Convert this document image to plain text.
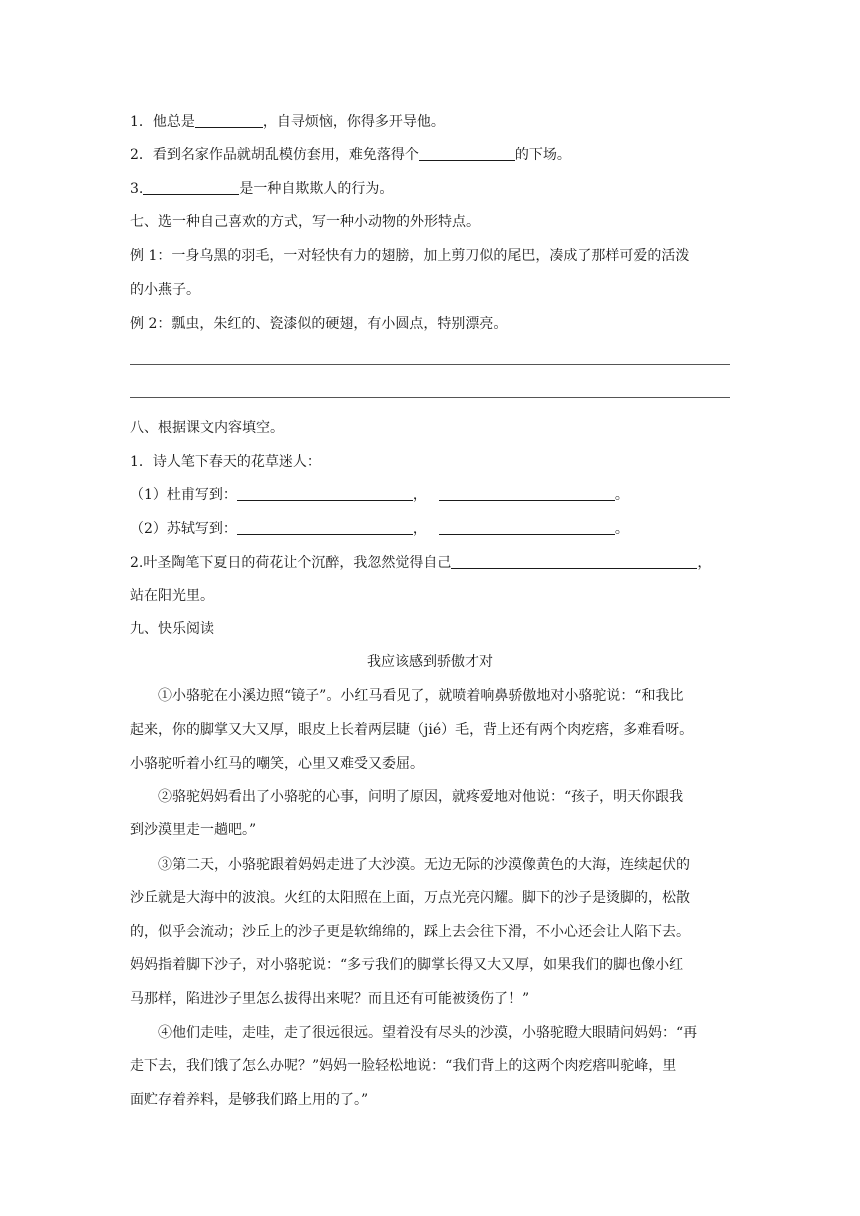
1．他总是	，自寻烦恼，你得多开导他。
2．看到名家作品就胡乱模仿套用，难免落得个	的下场。
3.	是一种自欺欺人的行为。
七、选一种自己喜欢的方式，写一种小动物的外形特点。
例 1：一身乌黑的羽毛，一对轻快有力的翅膀，加上剪刀似的尾巴，凑成了那样可爱的活泼
的小燕子。
例 2：瓢虫，朱红的、瓷漆似的硬翅，有小圆点，特别漂亮。
八、根据课文内容填空。
1．诗人笔下春天的花草迷人：
（1）杜甫写到：	，	。
（2）苏轼写到：	，	。
2.叶圣陶笔下夏日的荷花让个沉醉，我忽然觉得自己	，
站在阳光里。
九、快乐阅读
我应该感到骄傲才对
①小骆驼在小溪边照“镜子”。小红马看见了，就喷着响鼻骄傲地对小骆驼说：“和我比
起来，你的脚掌又大又厚，眼皮上长着两层睫（jié）毛，背上还有两个肉疙瘩，多难看呀。
小骆驼听着小红马的嘲笑，心里又难受又委屈。
②骆驼妈妈看出了小骆驼的心事，问明了原因，就疼爱地对他说：“孩子，明天你跟我
到沙漠里走一趟吧。”
③第二天，小骆驼跟着妈妈走进了大沙漠。无边无际的沙漠像黄色的大海，连续起伏的
沙丘就是大海中的波浪。火红的太阳照在上面，万点光亮闪耀。脚下的沙子是烫脚的，松散
的，似乎会流动；沙丘上的沙子更是软绵绵的，踩上去会往下滑，不小心还会让人陷下去。
妈妈指着脚下沙子，对小骆驼说：“多亏我们的脚掌长得又大又厚，如果我们的脚也像小红
马那样，陷进沙子里怎么拔得出来呢？而且还有可能被烫伤了！”
④他们走哇，走哇，走了很远很远。望着没有尽头的沙漠，小骆驼瞪大眼睛问妈妈：“再
走下去，我们饿了怎么办呢？”妈妈一脸轻松地说：“我们背上的这两个肉疙瘩叫驼峰，里
面贮存着养料，是够我们路上用的了。”
